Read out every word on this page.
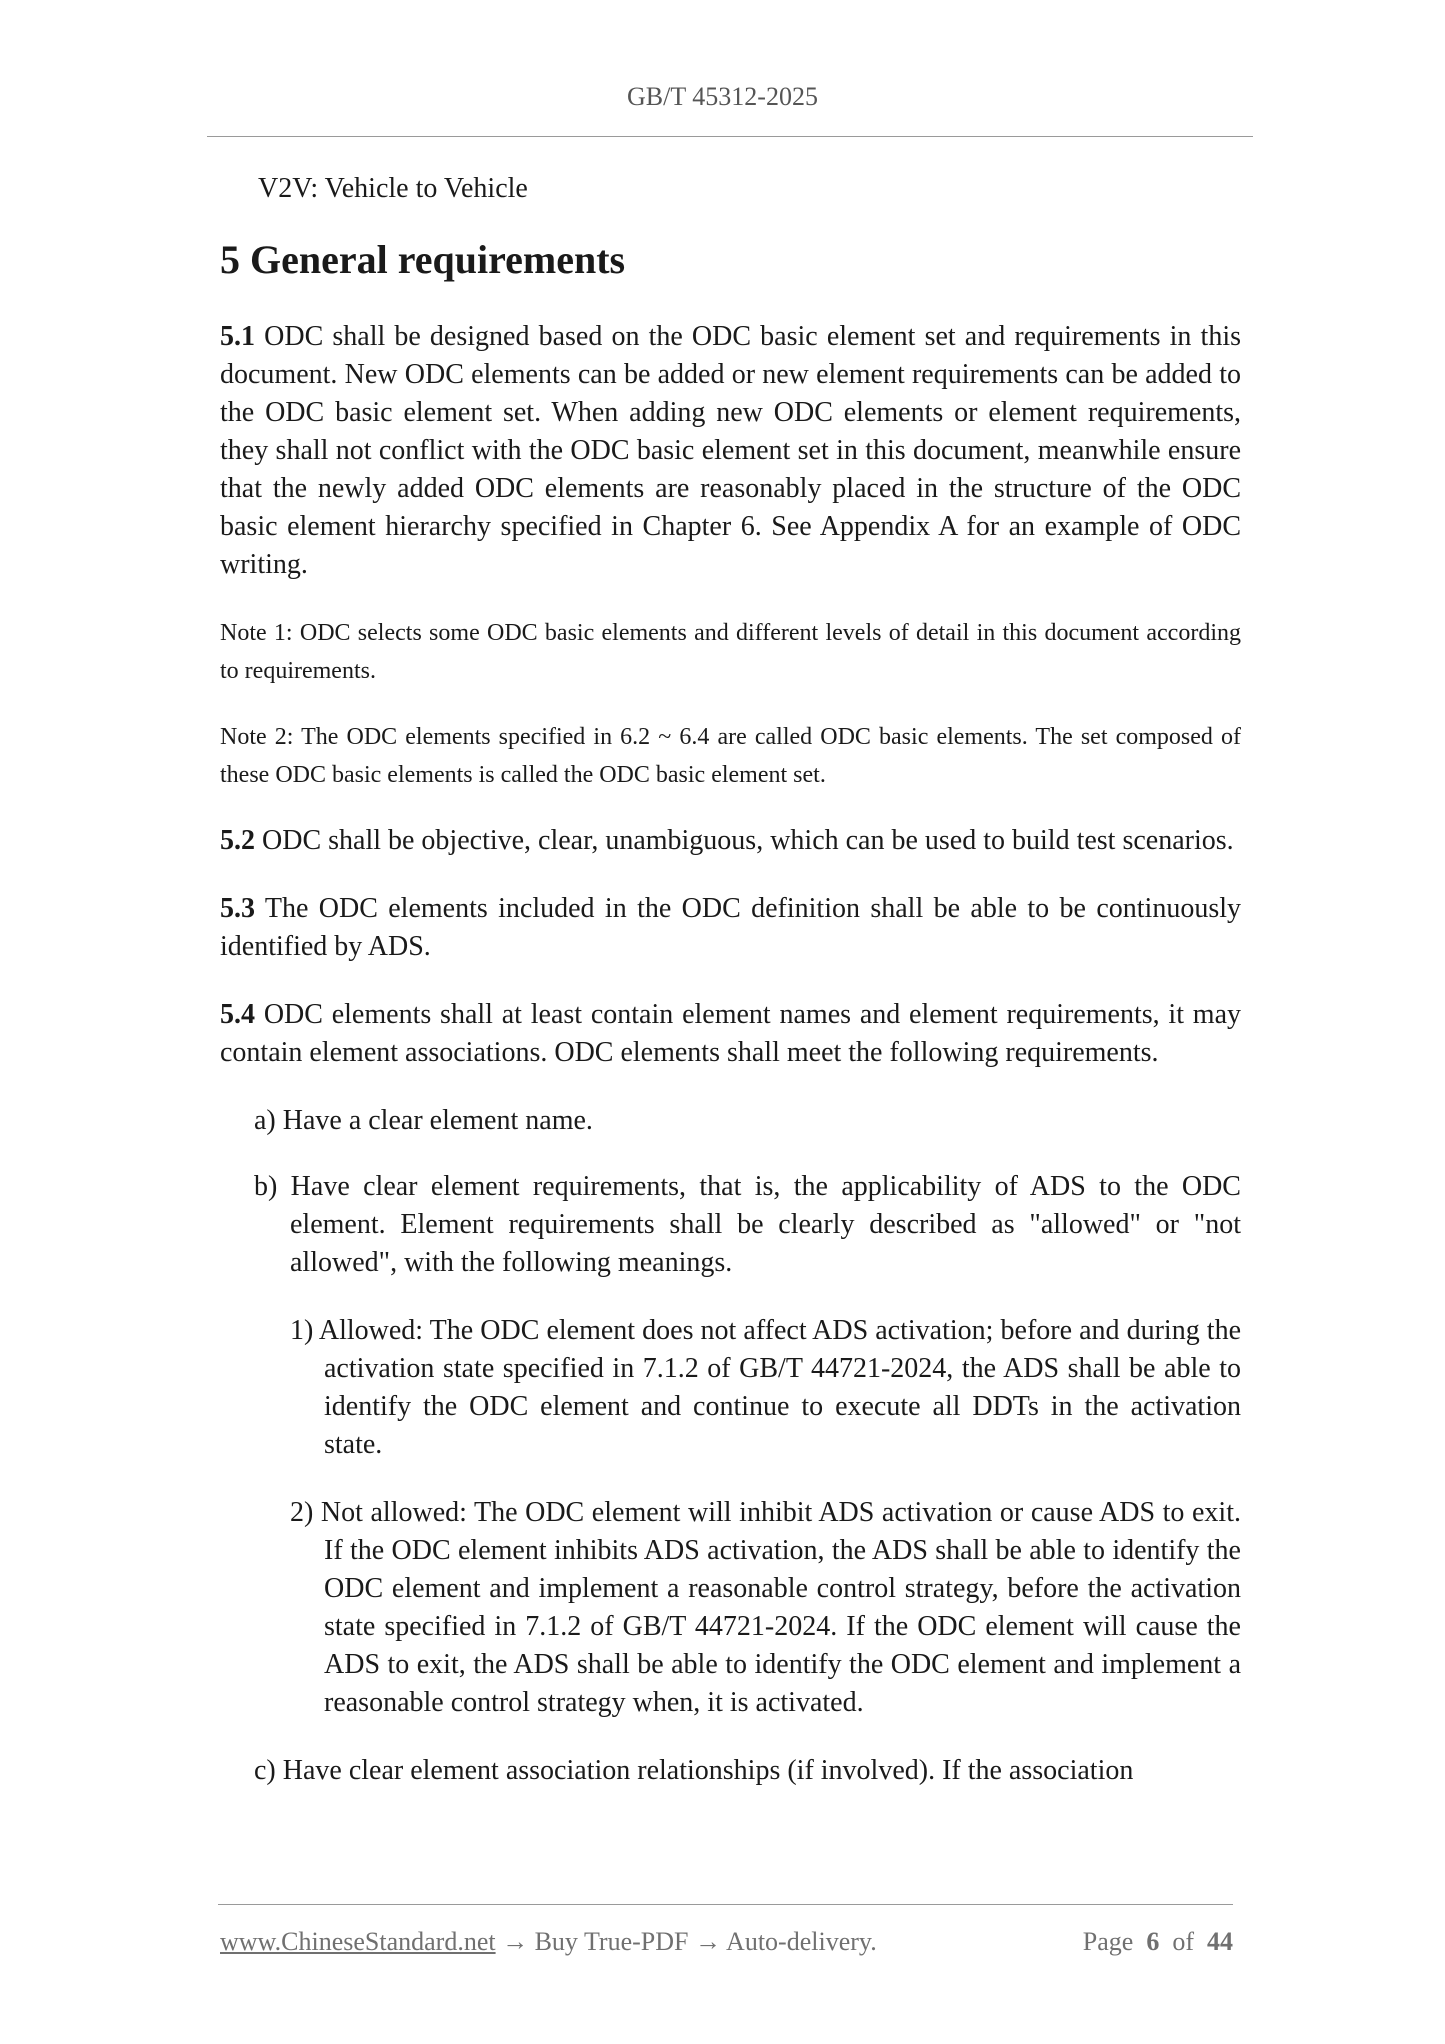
GB/T 45312-2025

V2V: Vehicle to Vehicle

5 General requirements

5.1 ODC shall be designed based on the ODC basic element set and requirements in this document. New ODC elements can be added or new element requirements can be added to the ODC basic element set. When adding new ODC elements or element requirements, they shall not conflict with the ODC basic element set in this document, meanwhile ensure that the newly added ODC elements are reasonably placed in the structure of the ODC basic element hierarchy specified in Chapter 6. See Appendix A for an example of ODC writing.

Note 1: ODC selects some ODC basic elements and different levels of detail in this document according to requirements.

Note 2: The ODC elements specified in 6.2 ~ 6.4 are called ODC basic elements. The set composed of these ODC basic elements is called the ODC basic element set.

5.2 ODC shall be objective, clear, unambiguous, which can be used to build test scenarios.

5.3 The ODC elements included in the ODC definition shall be able to be continuously identified by ADS.

5.4 ODC elements shall at least contain element names and element requirements, it may contain element associations. ODC elements shall meet the following requirements.

a) Have a clear element name.

b) Have clear element requirements, that is, the applicability of ADS to the ODC element. Element requirements shall be clearly described as "allowed" or "not allowed", with the following meanings.

1) Allowed: The ODC element does not affect ADS activation; before and during the activation state specified in 7.1.2 of GB/T 44721-2024, the ADS shall be able to identify the ODC element and continue to execute all DDTs in the activation state.

2) Not allowed: The ODC element will inhibit ADS activation or cause ADS to exit. If the ODC element inhibits ADS activation, the ADS shall be able to identify the ODC element and implement a reasonable control strategy, before the activation state specified in 7.1.2 of GB/T 44721-2024. If the ODC element will cause the ADS to exit, the ADS shall be able to identify the ODC element and implement a reasonable control strategy when, it is activated.

c) Have clear element association relationships (if involved). If the association

www.ChineseStandard.net → Buy True-PDF → Auto-delivery.	Page 6 of 44
